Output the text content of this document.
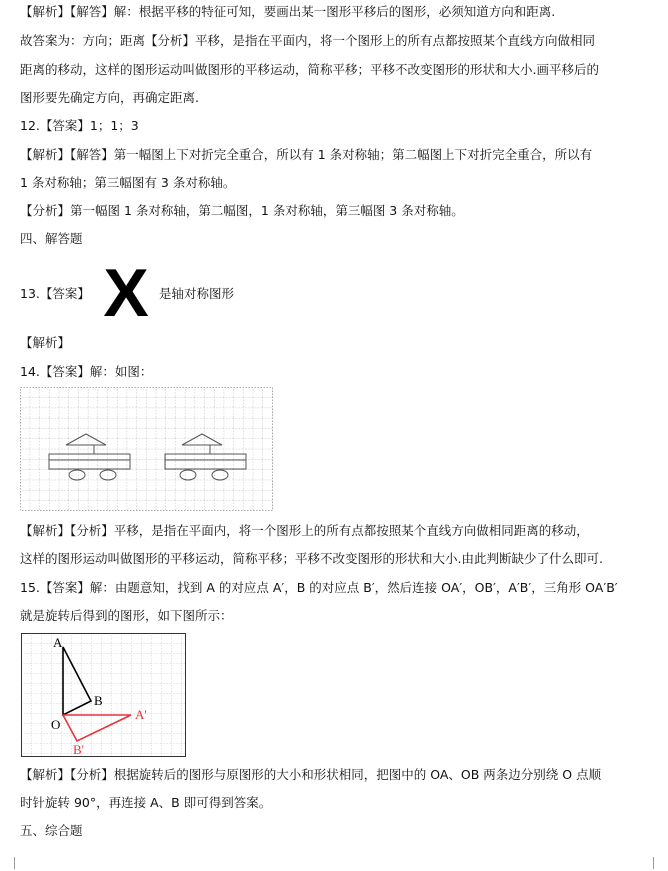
【解析】【解答】解：根据平移的特征可知，要画出某一图形平移后的图形，必须知道方向和距离.
故答案为：方向；距离【分析】平移，是指在平面内，将一个图形上的所有点都按照某个直线方向做相同
距离的移动，这样的图形运动叫做图形的平移运动，简称平移；平移不改变图形的形状和大小.画平移后的
图形要先确定方向，再确定距离.
12.【答案】1；1；3
【解析】【解答】第一幅图上下对折完全重合，所以有 1 条对称轴；第二幅图上下对折完全重合，所以有
1 条对称轴；第三幅图有 3 条对称轴。
【分析】第一幅图 1 条对称轴，第二幅图，1 条对称轴，第三幅图 3 条对称轴。
四、解答题
13.【答案】 X 是轴对称图形
【解析】
14.【答案】解：如图：
【解析】【分析】平移，是指在平面内，将一个图形上的所有点都按照某个直线方向做相同距离的移动，
这样的图形运动叫做图形的平移运动，简称平移；平移不改变图形的形状和大小.由此判断缺少了什么即可.
15.【答案】解：由题意知，找到 A 的对应点 A′，B 的对应点 B′，然后连接 OA′，OB′，A′B′，三角形 OA′B′
就是旋转后得到的图形，如下图所示：
A
B
O
A'
B'
【解析】【分析】根据旋转后的图形与原图形的大小和形状相同，把图中的 OA、OB 两条边分别绕 O 点顺
时针旋转 90°，再连接 A、B 即可得到答案。
五、综合题
